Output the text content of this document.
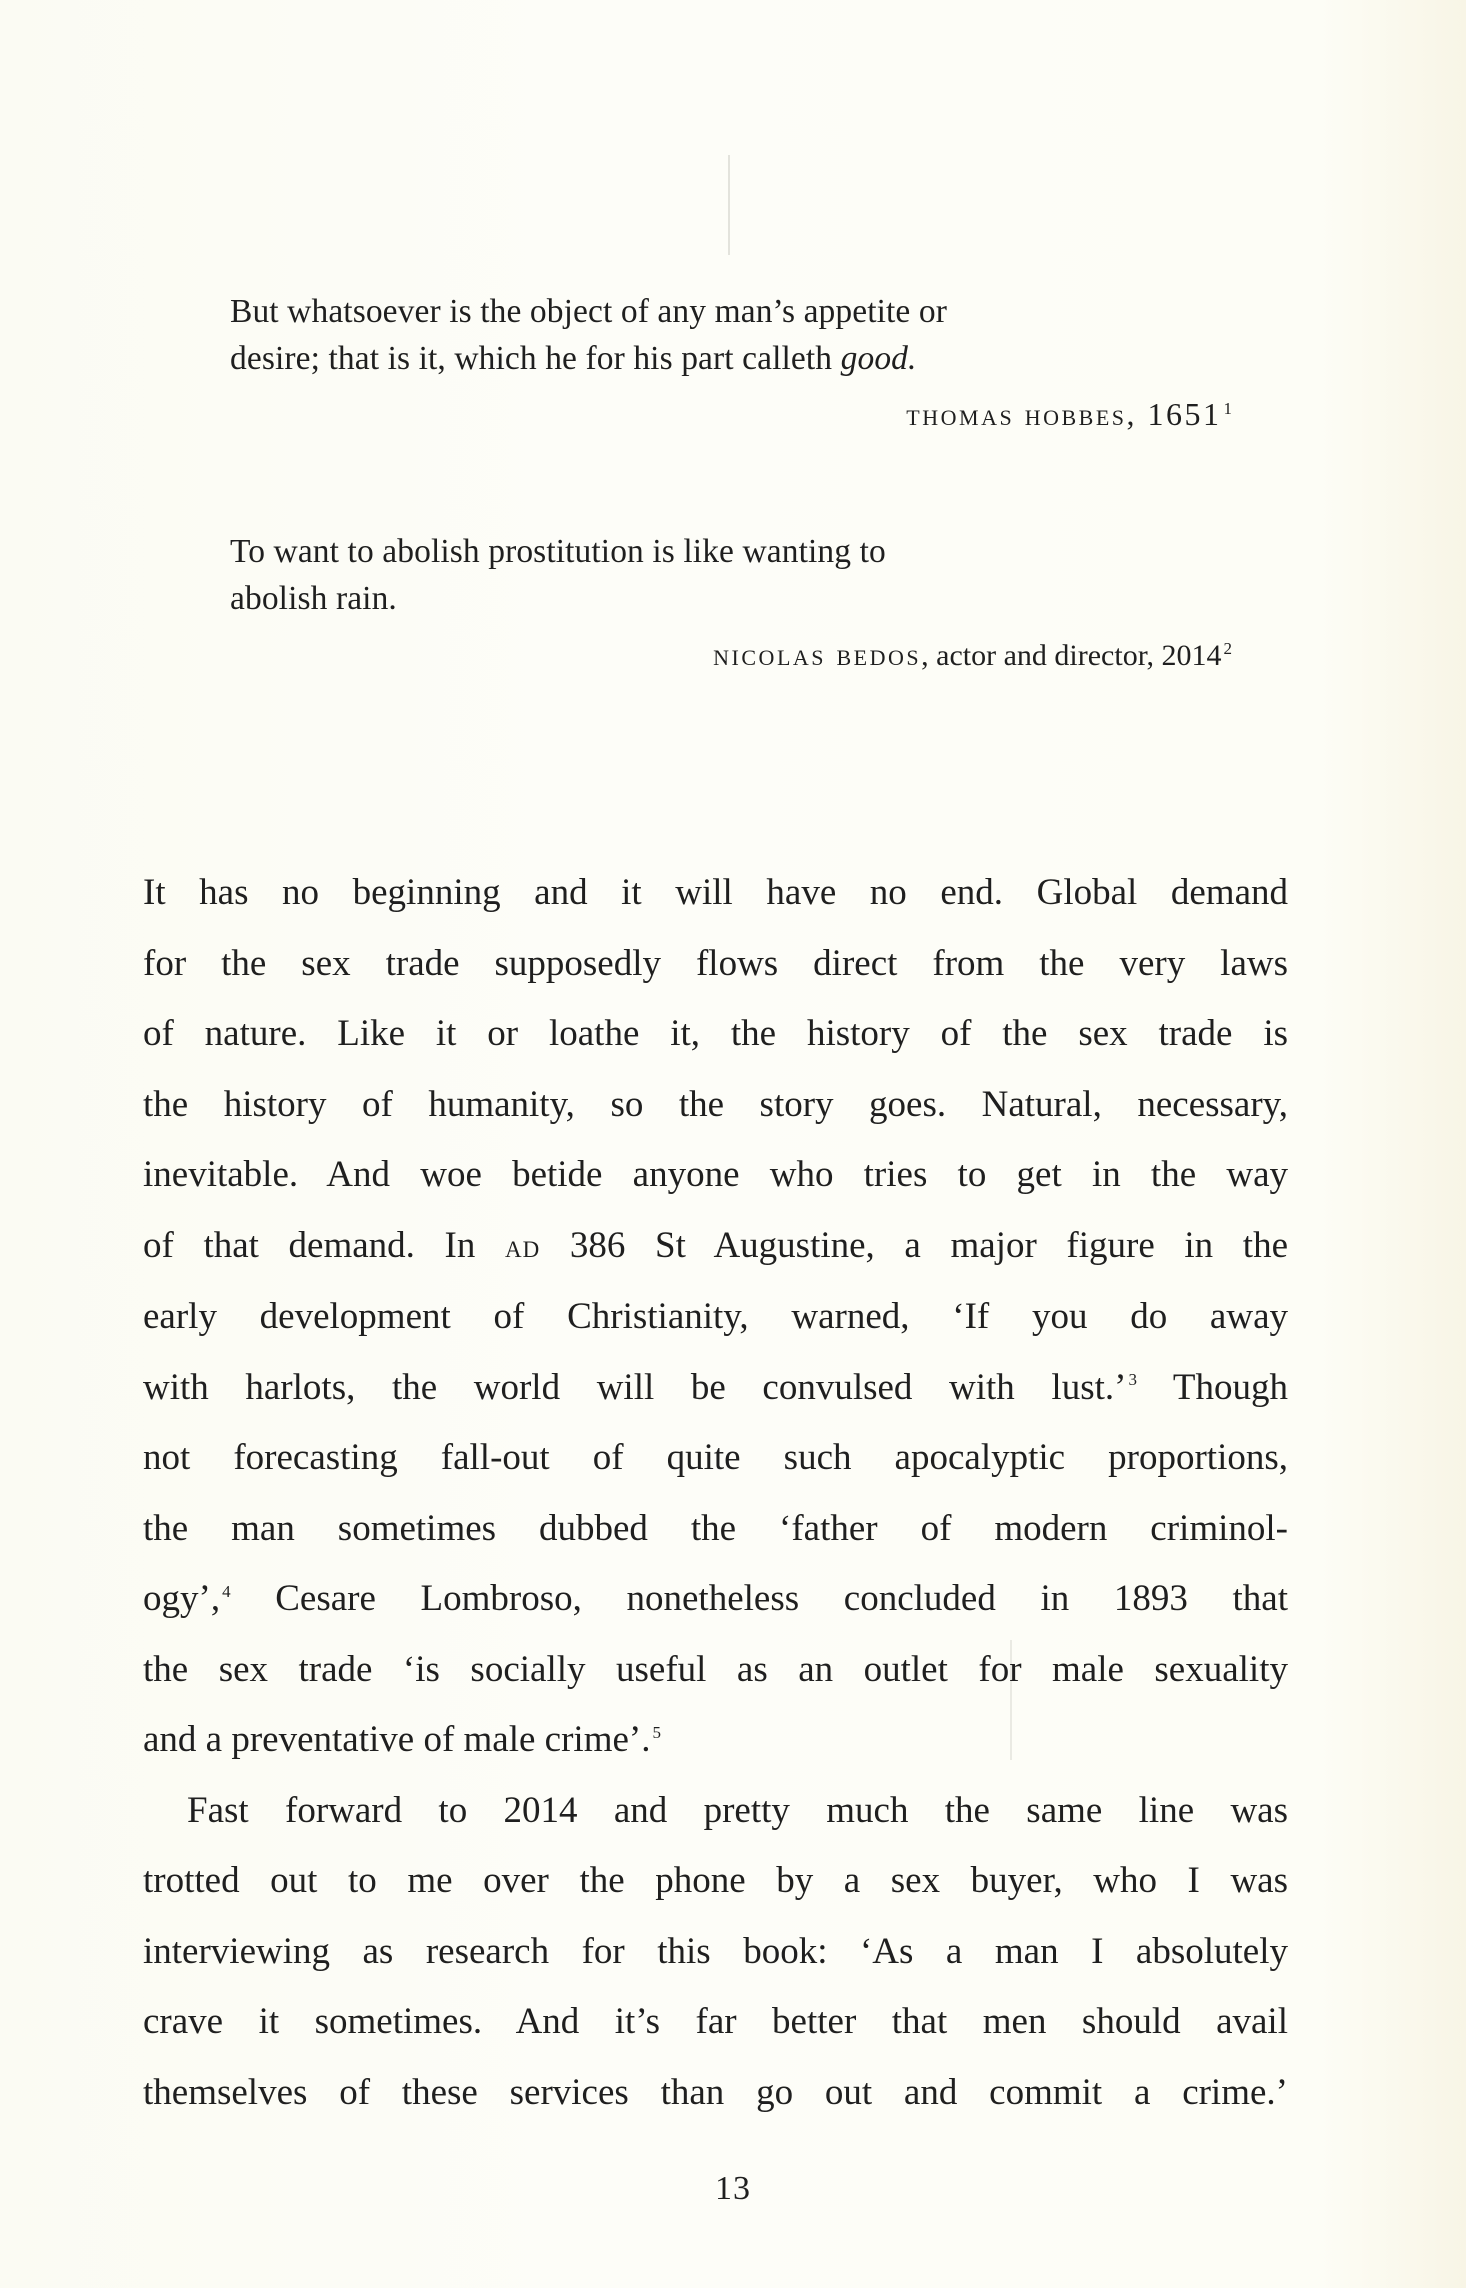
But whatsoever is the object of any man’s appetite or
desire; that is it, which he for his part calleth good.

thomas hobbes, 1651 $^1$

To want to abolish prostitution is like wanting to
abolish rain.

nicolas bedos, actor and director, 2014 $^2$

It has no beginning and it will have no end. Global demand
for the sex trade supposedly flows direct from the very laws
of nature. Like it or loathe it, the history of the sex trade is
the history of humanity, so the story goes. Natural, necessary,
inevitable. And woe betide anyone who tries to get in the way
of that demand. In ad 386 St Augustine, a major figure in the
early development of Christianity, warned, ‘If you do away
with harlots, the world will be convulsed with lust.’ $^3$ Though
not forecasting fall-out of quite such apocalyptic proportions,
the man sometimes dubbed the ‘father of modern criminol-
ogy’, $^4$ Cesare Lombroso, nonetheless concluded in 1893 that
the sex trade ‘is socially useful as an outlet for male sexuality
and a preventative of male crime’. $^5$

Fast forward to 2014 and pretty much the same line was
trotted out to me over the phone by a sex buyer, who I was
interviewing as research for this book: ‘As a man I absolutely
crave it sometimes. And it’s far better that men should avail
themselves of these services than go out and commit a crime.’

13
